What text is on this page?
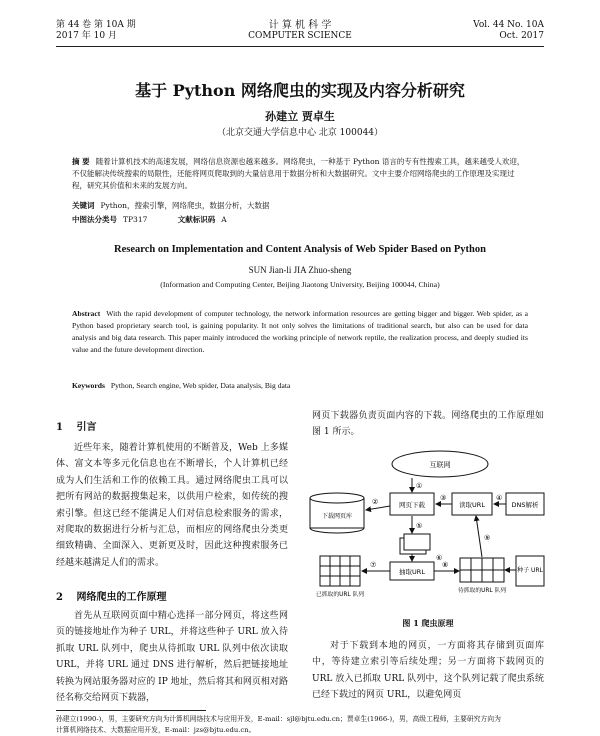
第 44 卷 第 10A 期
2017 年 10 月
计 算 机 科 学
COMPUTER SCIENCE
Vol. 44 No. 10A
Oct. 2017
基于 Python 网络爬虫的实现及内容分析研究
孙建立 贾卓生
（北京交通大学信息中心 北京 100044）
摘 要 随着计算机技术的高速发展，网络信息资源也越来越多。网络爬虫，一种基于 Python 语言的专有性搜索工具，越来越受人欢迎，不仅能解决传统搜索的局限性，还能将网页爬取到的大量信息用于数据分析和大数据研究。文中主要介绍网络爬虫的工作原理及实现过程，研究其价值和未来的发展方向。
关键词 Python，搜索引擎，网络爬虫，数据分析，大数据
中图法分类号 TP317	文献标识码 A
Research on Implementation and Content Analysis of Web Spider Based on Python
SUN Jian-li JIA Zhuo-sheng
(Information and Computing Center, Beijing Jiaotong University, Beijing 100044, China)
Abstract With the rapid development of computer technology, the network information resources are getting bigger and bigger. Web spider, as a Python based proprietary search tool, is gaining popularity. It not only solves the limitations of traditional search, but also can be used for data analysis and big data research. This paper mainly introduced the working principle of network reptile, the realization process, and deeply studied its value and the future development direction.
Keywords Python, Search engine, Web spider, Data analysis, Big data
1 引言

近些年来，随着计算机使用的不断普及，Web 上多媒体、富文本等多元化信息也在不断增长，个人计算机已经成为人们生活和工作的依赖工具。通过网络爬虫工具可以把所有网站的数据搜集起来，以供用户检索，如传统的搜索引擎。但这已经不能满足人们对信息检索服务的需求，对爬取的数据进行分析与汇总，而相应的网络爬虫分类更细致精确、全面深入、更新更及时，因此这种搜索服务已经越来越满足人们的需求。

2 网络爬虫的工作原理

首先从互联网页面中精心选择一部分网页，将这些网页的链接地址作为种子 URL，并将这些种子 URL 放入待抓取 URL 队列中，爬虫从待抓取 URL 队列中依次读取 URL，并将 URL 通过 DNS 进行解析，然后把链接地址转换为网站服务器对应的 IP 地址，然后将其和网页相对路径名称交给网页下载器，

网页下载器负责页面内容的下载。网络爬虫的工作原理如图 1 所示。
互联网
下载网页库
网页下载	读取URL	DNS解析
抽取URL
已抓取的URL 队列
待抓取的URL 队列
种子 URL
①
②	③	④
⑤
⑥
⑦	⑧
⑨
图 1 爬虫原理

对于下载到本地的网页，一方面将其存储到页面库中，等待建立索引等后续处理；另一方面将下载网页的 URL 放入已抓取 URL 队列中，这个队列记载了爬虫系统已经下载过的网页 URL，以避免网页

孙建立(1990-)，男，主要研究方向为计算机网络技术与应用开发，E-mail：sjl@bjtu.edu.cn；贾卓生(1966-)，男，高级工程师，主要研究方向为
计算机网络技术、大数据应用开发，E-mail：jzs@bjtu.edu.cn。
